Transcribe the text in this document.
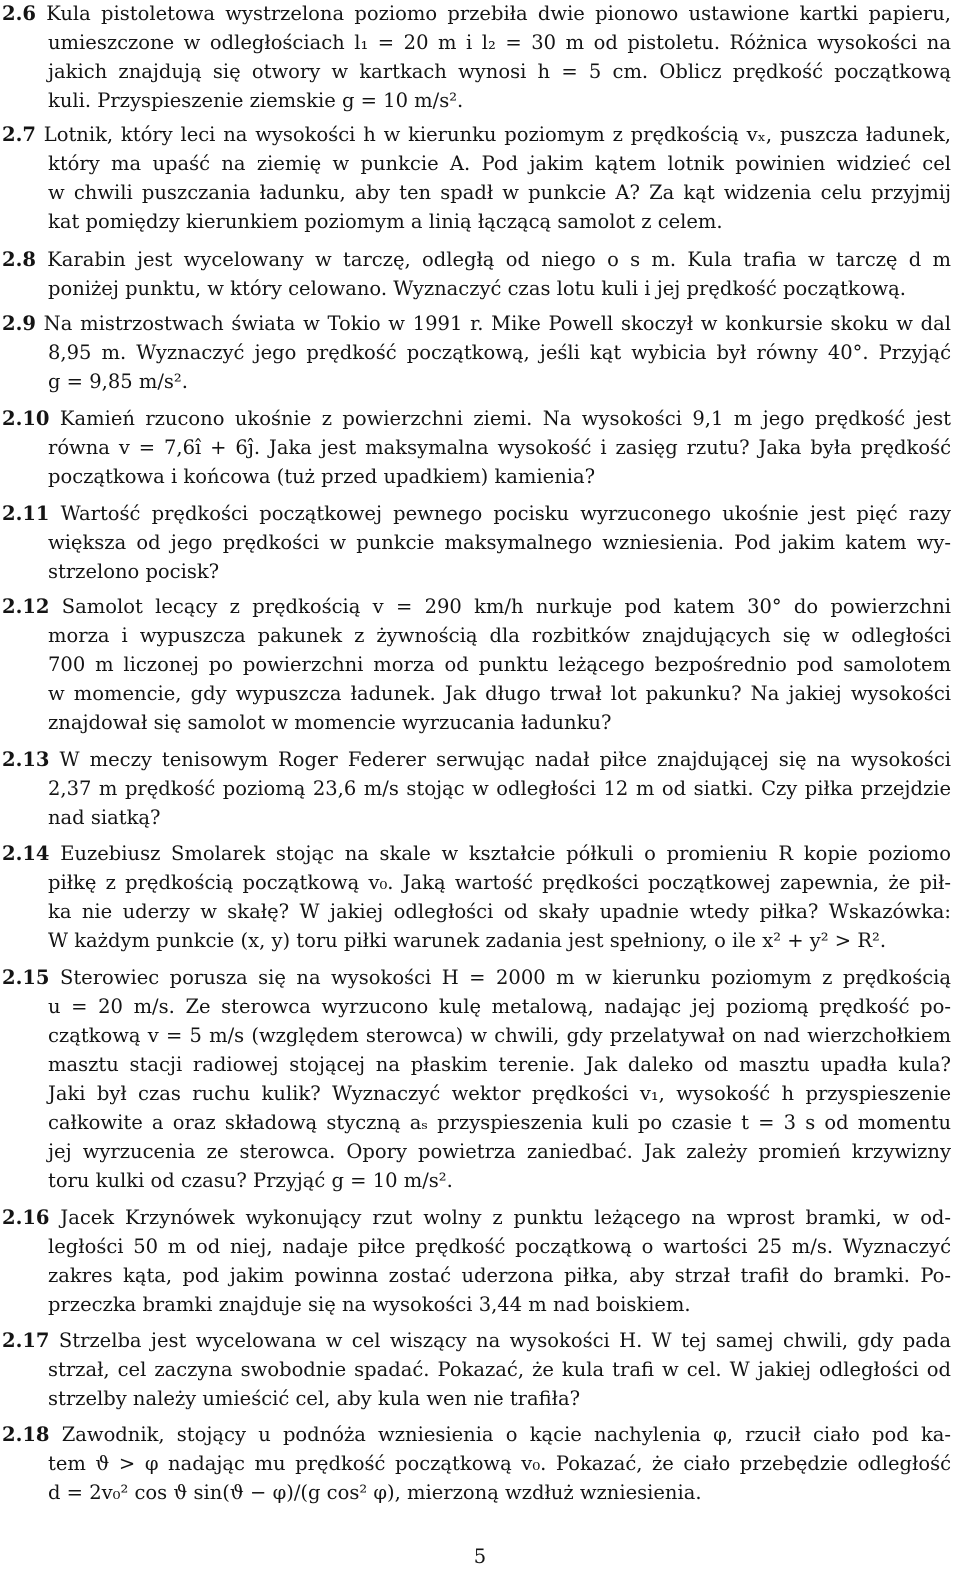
2.6 Kula pistoletowa wystrzelona poziomo przebiła dwie pionowo ustawione kartki papieru,
umieszczone w odległościach l₁ = 20 m i l₂ = 30 m od pistoletu. Różnica wysokości na
jakich znajdują się otwory w kartkach wynosi h = 5 cm. Oblicz prędkość początkową
kuli. Przyspieszenie ziemskie g = 10 m/s².
2.7 Lotnik, który leci na wysokości h w kierunku poziomym z prędkością vₓ, puszcza ładunek,
który ma upaść na ziemię w punkcie A. Pod jakim kątem lotnik powinien widzieć cel
w chwili puszczania ładunku, aby ten spadł w punkcie A? Za kąt widzenia celu przyjmij
kat pomiędzy kierunkiem poziomym a linią łączącą samolot z celem.
2.8 Karabin jest wycelowany w tarczę, odległą od niego o s m. Kula trafia w tarczę d m
poniżej punktu, w który celowano. Wyznaczyć czas lotu kuli i jej prędkość początkową.
2.9 Na mistrzostwach świata w Tokio w 1991 r. Mike Powell skoczył w konkursie skoku w dal
8,95 m. Wyznaczyć jego prędkość początkową, jeśli kąt wybicia był równy 40°. Przyjąć
g = 9,85 m/s².
2.10 Kamień rzucono ukośnie z powierzchni ziemi. Na wysokości 9,1 m jego prędkość jest
równa v = 7,6î + 6ĵ. Jaka jest maksymalna wysokość i zasięg rzutu? Jaka była prędkość
początkowa i końcowa (tuż przed upadkiem) kamienia?
2.11 Wartość prędkości początkowej pewnego pocisku wyrzuconego ukośnie jest pięć razy
większa od jego prędkości w punkcie maksymalnego wzniesienia. Pod jakim katem wy-
strzelono pocisk?
2.12 Samolot lecący z prędkością v = 290 km/h nurkuje pod katem 30° do powierzchni
morza i wypuszcza pakunek z żywnością dla rozbitków znajdujących się w odległości
700 m liczonej po powierzchni morza od punktu leżącego bezpośrednio pod samolotem
w momencie, gdy wypuszcza ładunek. Jak długo trwał lot pakunku? Na jakiej wysokości
znajdował się samolot w momencie wyrzucania ładunku?
2.13 W meczy tenisowym Roger Federer serwując nadał piłce znajdującej się na wysokości
2,37 m prędkość poziomą 23,6 m/s stojąc w odległości 12 m od siatki. Czy piłka przejdzie
nad siatką?
2.14 Euzebiusz Smolarek stojąc na skale w kształcie półkuli o promieniu R kopie poziomo
piłkę z prędkością początkową v₀. Jaką wartość prędkości początkowej zapewnia, że pił-
ka nie uderzy w skałę? W jakiej odległości od skały upadnie wtedy piłka? Wskazówka:
W każdym punkcie (x, y) toru piłki warunek zadania jest spełniony, o ile x² + y² > R².
2.15 Sterowiec porusza się na wysokości H = 2000 m w kierunku poziomym z prędkością
u = 20 m/s. Ze sterowca wyrzucono kulę metalową, nadając jej poziomą prędkość po-
czątkową v = 5 m/s (względem sterowca) w chwili, gdy przelatywał on nad wierzchołkiem
masztu stacji radiowej stojącej na płaskim terenie. Jak daleko od masztu upadła kula?
Jaki był czas ruchu kulik? Wyznaczyć wektor prędkości v₁, wysokość h przyspieszenie
całkowite a oraz składową styczną aₛ przyspieszenia kuli po czasie t = 3 s od momentu
jej wyrzucenia ze sterowca. Opory powietrza zaniedbać. Jak zależy promień krzywizny
toru kulki od czasu? Przyjąć g = 10 m/s².
2.16 Jacek Krzynówek wykonujący rzut wolny z punktu leżącego na wprost bramki, w od-
ległości 50 m od niej, nadaje piłce prędkość początkową o wartości 25 m/s. Wyznaczyć
zakres kąta, pod jakim powinna zostać uderzona piłka, aby strzał trafił do bramki. Po-
przeczka bramki znajduje się na wysokości 3,44 m nad boiskiem.
2.17 Strzelba jest wycelowana w cel wiszący na wysokości H. W tej samej chwili, gdy pada
strzał, cel zaczyna swobodnie spadać. Pokazać, że kula trafi w cel. W jakiej odległości od
strzelby należy umieścić cel, aby kula wen nie trafiła?
2.18 Zawodnik, stojący u podnóża wzniesienia o kącie nachylenia φ, rzucił ciało pod ka-
tem ϑ > φ nadając mu prędkość początkową v₀. Pokazać, że ciało przebędzie odległość
d = 2v₀² cos ϑ sin(ϑ − φ)/(g cos² φ), mierzoną wzdłuż wzniesienia.
5
